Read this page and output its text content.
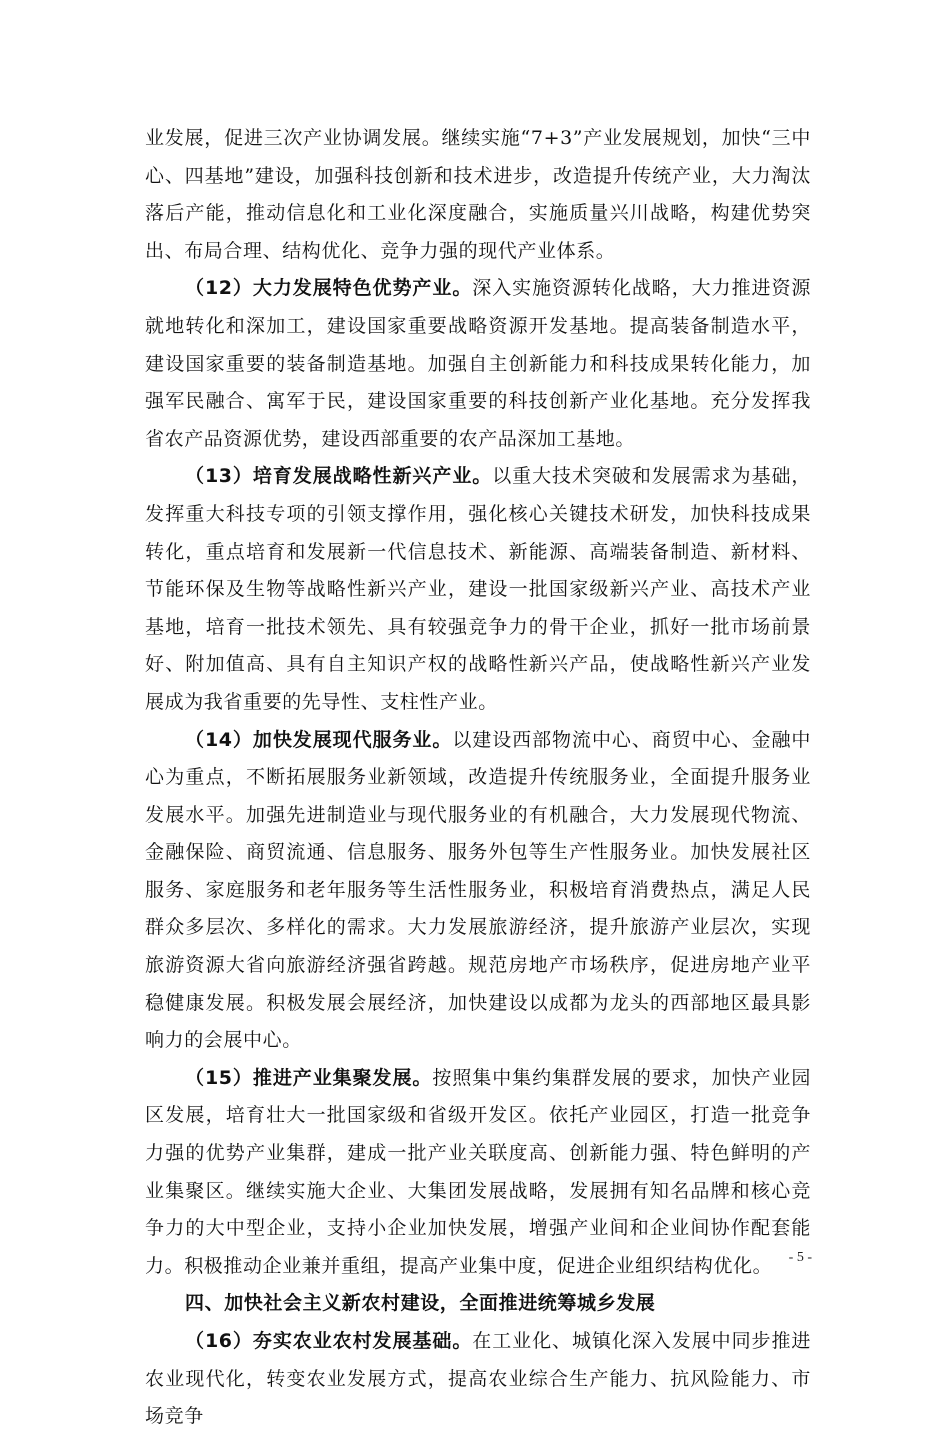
业发展，促进三次产业协调发展。继续实施“7+3”产业发展规划，加快“三中心、四基地”建设，加强科技创新和技术进步，改造提升传统产业，大力淘汰落后产能，推动信息化和工业化深度融合，实施质量兴川战略，构建优势突出、布局合理、结构优化、竞争力强的现代产业体系。

（12）大力发展特色优势产业。深入实施资源转化战略，大力推进资源就地转化和深加工，建设国家重要战略资源开发基地。提高装备制造水平，建设国家重要的装备制造基地。加强自主创新能力和科技成果转化能力，加强军民融合、寓军于民，建设国家重要的科技创新产业化基地。充分发挥我省农产品资源优势，建设西部重要的农产品深加工基地。

（13）培育发展战略性新兴产业。以重大技术突破和发展需求为基础，发挥重大科技专项的引领支撑作用，强化核心关键技术研发，加快科技成果转化，重点培育和发展新一代信息技术、新能源、高端装备制造、新材料、节能环保及生物等战略性新兴产业，建设一批国家级新兴产业、高技术产业基地，培育一批技术领先、具有较强竞争力的骨干企业，抓好一批市场前景好、附加值高、具有自主知识产权的战略性新兴产品，使战略性新兴产业发展成为我省重要的先导性、支柱性产业。

（14）加快发展现代服务业。以建设西部物流中心、商贸中心、金融中心为重点，不断拓展服务业新领域，改造提升传统服务业，全面提升服务业发展水平。加强先进制造业与现代服务业的有机融合，大力发展现代物流、金融保险、商贸流通、信息服务、服务外包等生产性服务业。加快发展社区服务、家庭服务和老年服务等生活性服务业，积极培育消费热点，满足人民群众多层次、多样化的需求。大力发展旅游经济，提升旅游产业层次，实现旅游资源大省向旅游经济强省跨越。规范房地产市场秩序，促进房地产业平稳健康发展。积极发展会展经济，加快建设以成都为龙头的西部地区最具影响力的会展中心。

（15）推进产业集聚发展。按照集中集约集群发展的要求，加快产业园区发展，培育壮大一批国家级和省级开发区。依托产业园区，打造一批竞争力强的优势产业集群，建成一批产业关联度高、创新能力强、特色鲜明的产业集聚区。继续实施大企业、大集团发展战略，发展拥有知名品牌和核心竞争力的大中型企业，支持小企业加快发展，增强产业间和企业间协作配套能力。积极推动企业兼并重组，提高产业集中度，促进企业组织结构优化。

四、加快社会主义新农村建设，全面推进统筹城乡发展

（16）夯实农业农村发展基础。在工业化、城镇化深入发展中同步推进农业现代化，转变农业发展方式，提高农业综合生产能力、抗风险能力、市场竞争

- 5 -
